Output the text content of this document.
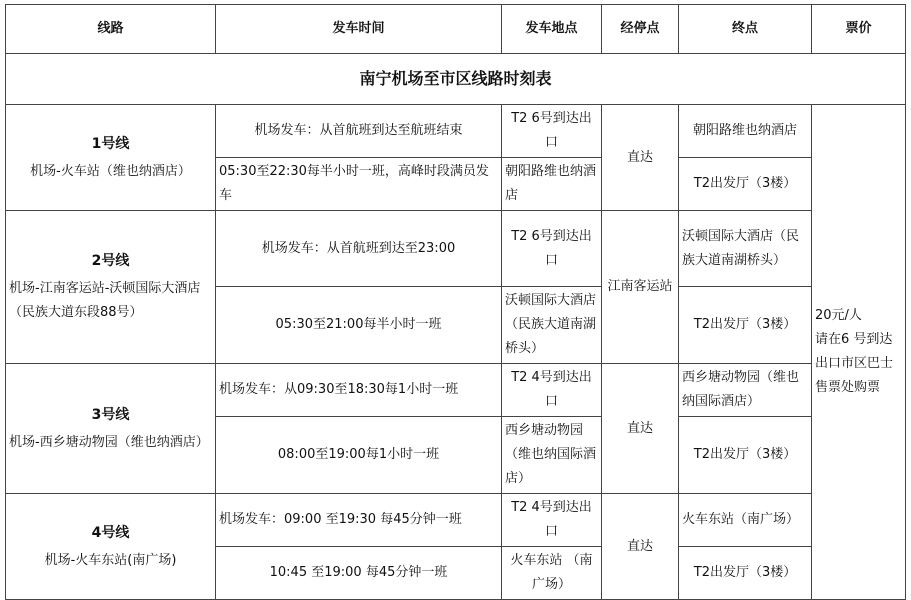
南宁机场至市区线路时刻表					
线路	发车时间	发车地点	经停点	终点	票价

1号线
机场-火车站（维也纳酒店）	机场发车：从首航班到达至航班结束	T2 6号到达出口	直达	朝阳路维也纳酒店	20元/人
请在6 号到达出口市区巴士售票处购票

	05:30至22:30每半小时一班，高峰时段满员发车	朝阳路维也纳酒店		T2出发厅（3楼）	

2号线
机场-江南客运站-沃顿国际大酒店（民族大道东段88号）	机场发车：从首航班到达至23:00	T2 6号到达出口	江南客运站	沃顿国际大酒店（民族大道南湖桥头）	
	05:30至21:00每半小时一班	沃顿国际大酒店（民族大道南湖桥头）		T2出发厅（3楼）	

3号线
机场-西乡塘动物园（维也纳酒店）	机场发车：从09:30至18:30每1小时一班	T2 4号到达出口	直达	西乡塘动物园（维也纳国际酒店）	
	08:00至19:00每1小时一班	西乡塘动物园（维也纳国际酒店）		T2出发厅（3楼）	

4号线
机场-火车东站(南广场)	机场发车：09:00 至19:30 每45分钟一班	T2 4号到达出口	直达	火车东站（南广场）	
	10:45 至19:00 每45分钟一班	火车东站 （南广场）		T2出发厅（3楼）	
